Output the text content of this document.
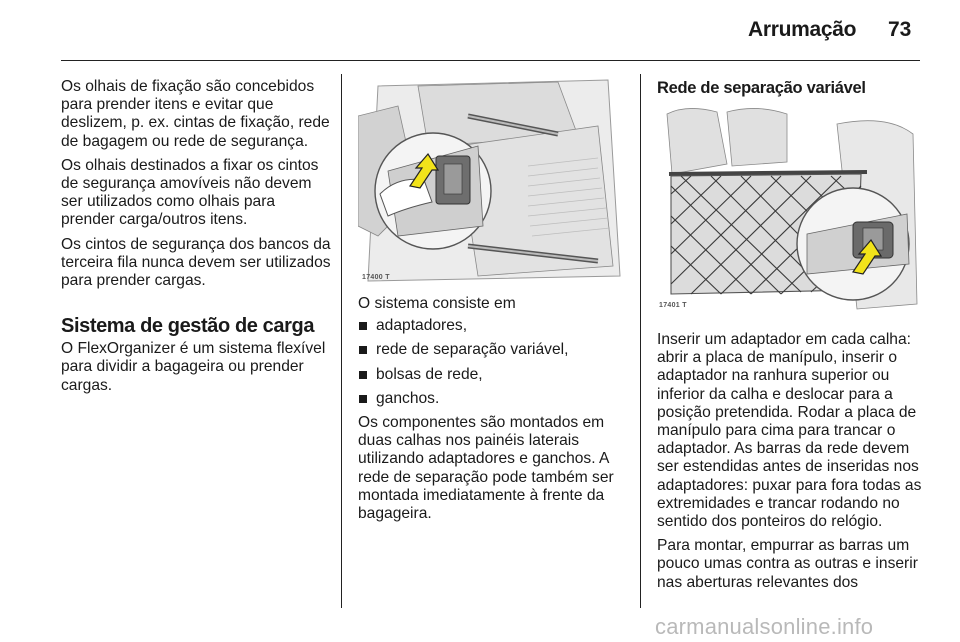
Arrumação 73

Os olhais de fixação são concebidos para prender itens e evitar que deslizem, p. ex. cintas de fixação, rede de bagagem ou rede de segurança.

Os olhais destinados a fixar os cintos de segurança amovíveis não devem ser utilizados como olhais para prender carga/outros itens.

Os cintos de segurança dos bancos da terceira fila nunca devem ser utilizados para prender cargas.

Sistema de gestão de carga

O FlexOrganizer é um sistema flexível para dividir a bagageira ou prender cargas.

17400 T

O sistema consiste em

adaptadores,
rede de separação variável,
bolsas de rede,
ganchos.

Os componentes são montados em duas calhas nos painéis laterais utilizando adaptadores e ganchos. A rede de separação pode também ser montada imediatamente à frente da bagageira.

Rede de separação variável
17401 T

Inserir um adaptador em cada calha: abrir a placa de manípulo, inserir o adaptador na ranhura superior ou inferior da calha e deslocar para a posição pretendida. Rodar a placa de manípulo para cima para trancar o adaptador. As barras da rede devem ser estendidas antes de inseridas nos adaptadores: puxar para fora todas as extremidades e trancar rodando no sentido dos ponteiros do relógio.

Para montar, empurrar as barras um pouco umas contra as outras e inserir nas aberturas relevantes dos

carmanualsonline.info
